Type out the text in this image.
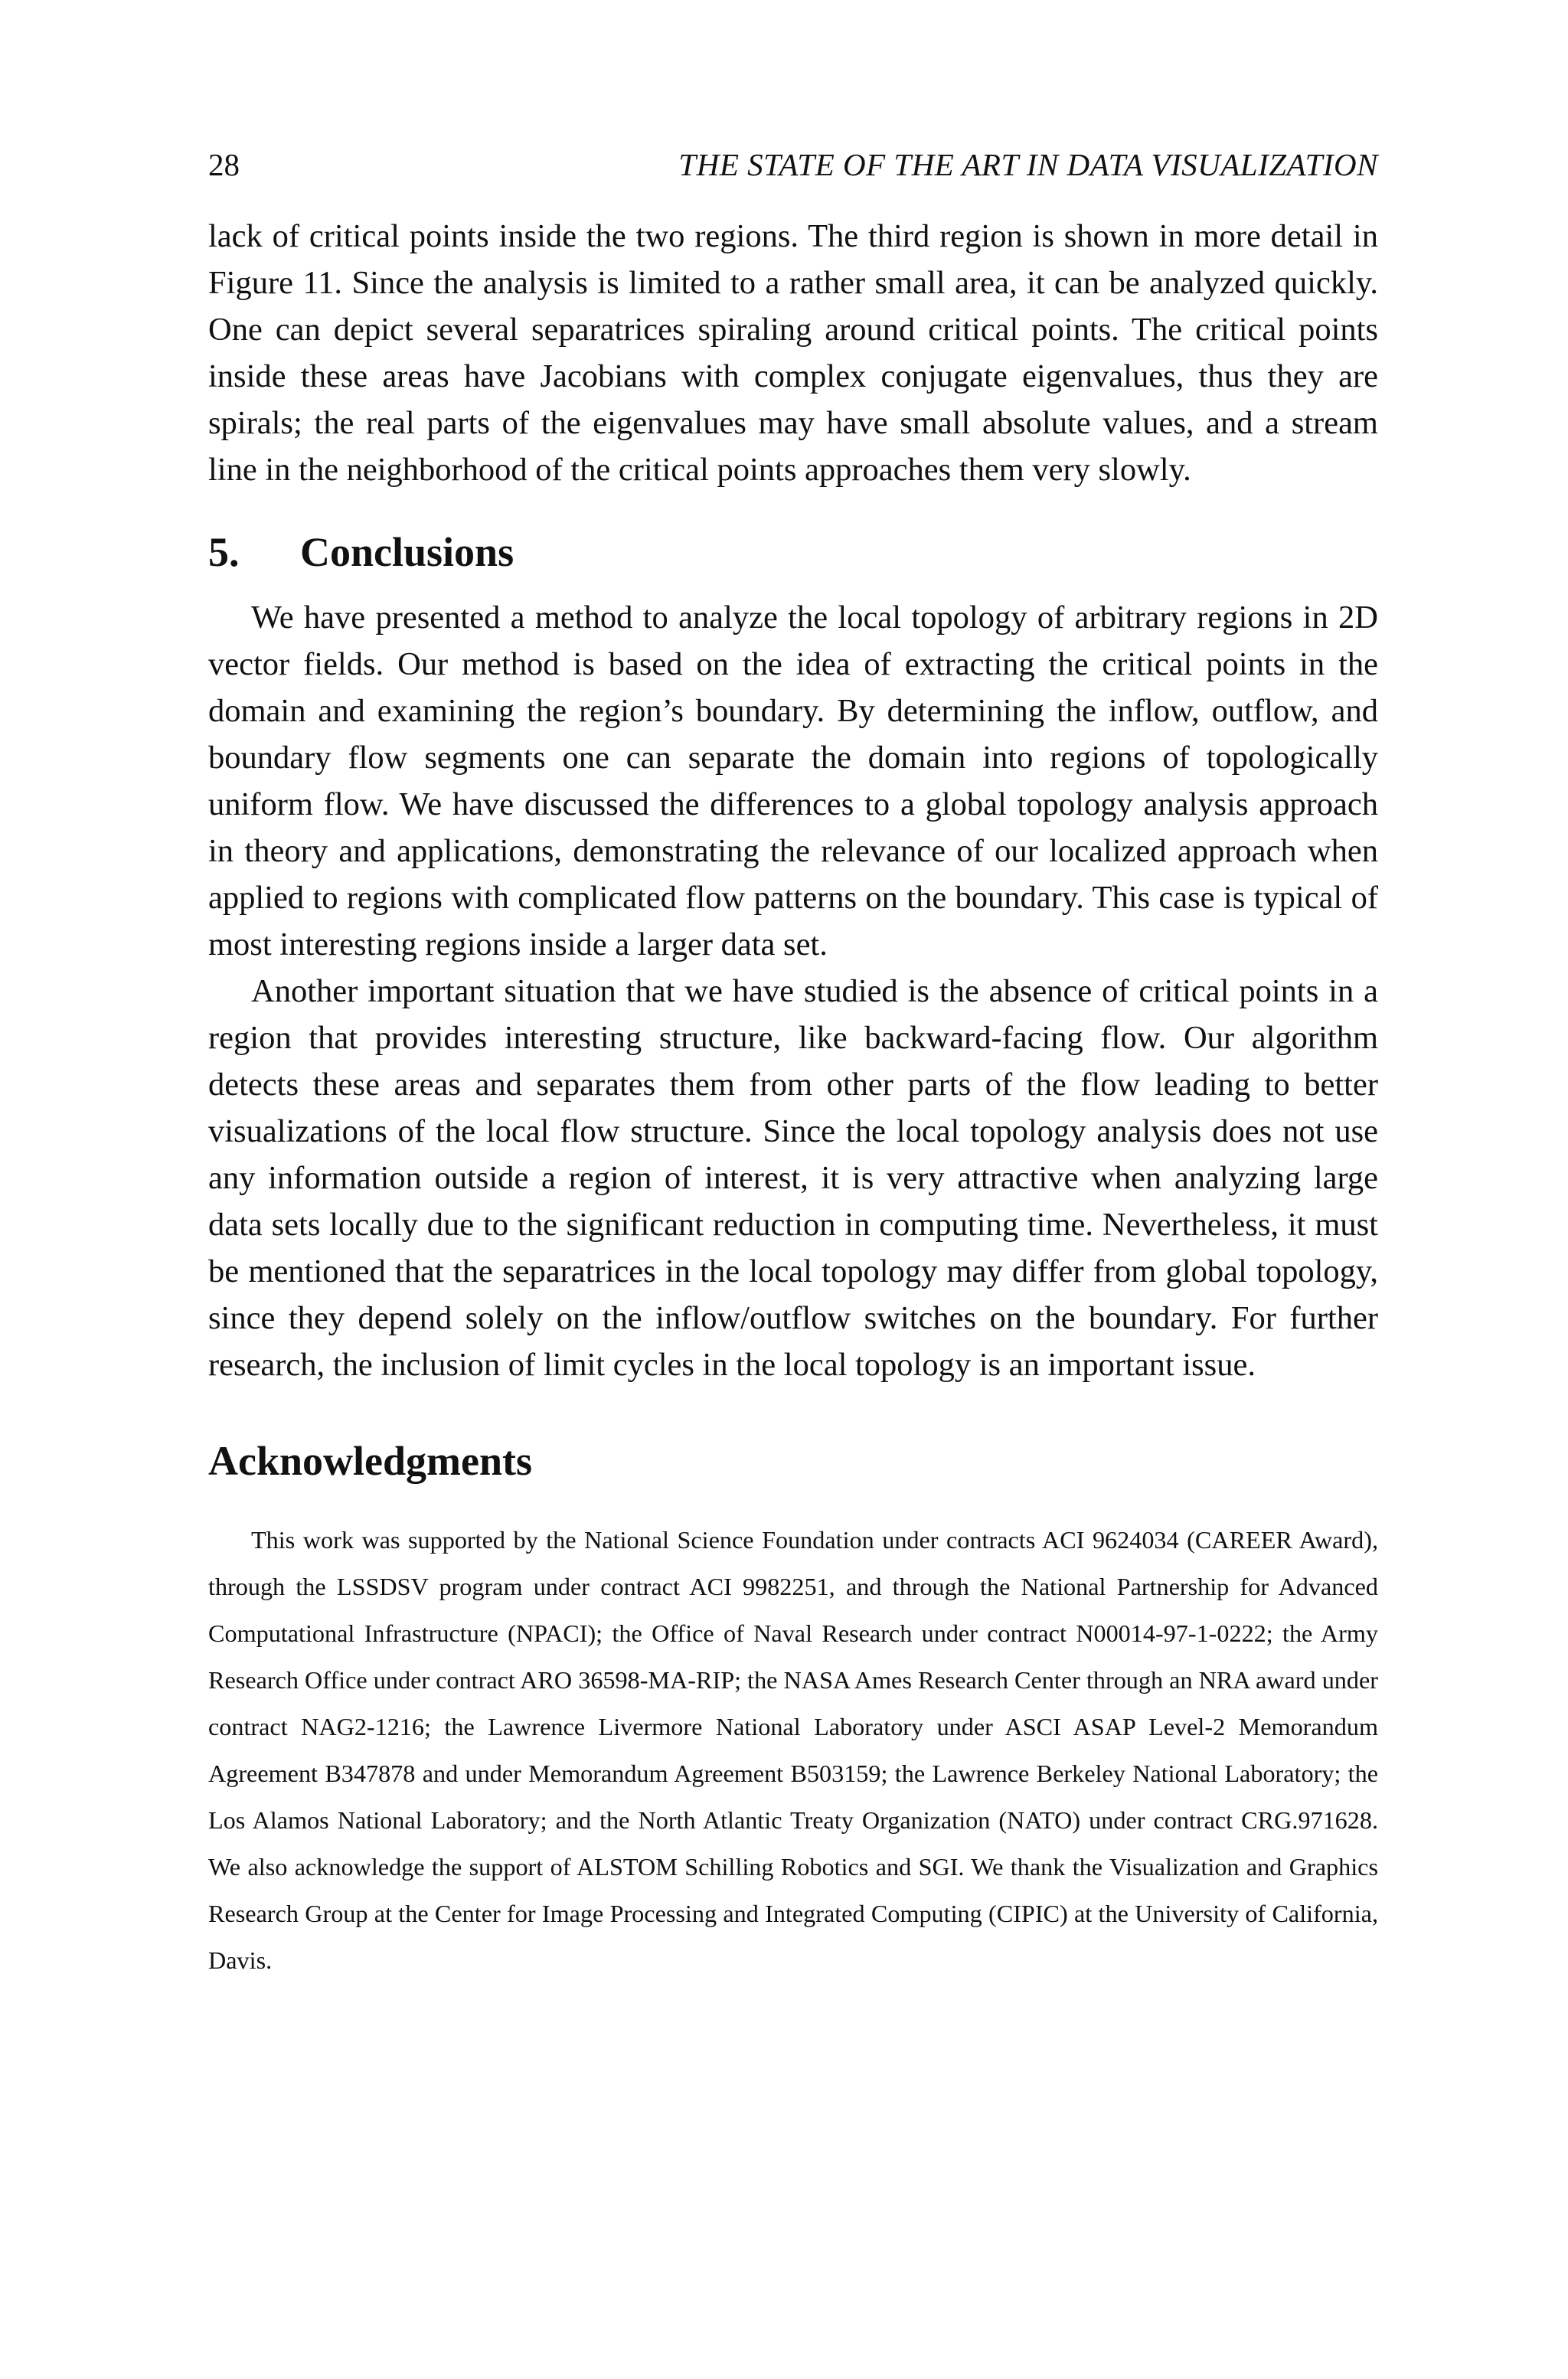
28	THE STATE OF THE ART IN DATA VISUALIZATION

lack of critical points inside the two regions. The third region is shown in more detail in Figure 11. Since the analysis is limited to a rather small area, it can be analyzed quickly. One can depict several separatrices spiraling around critical points. The critical points inside these areas have Jacobians with complex conjugate eigenvalues, thus they are spirals; the real parts of the eigenvalues may have small absolute values, and a stream line in the neighborhood of the critical points approaches them very slowly.

5.	Conclusions

We have presented a method to analyze the local topology of arbitrary regions in 2D vector fields. Our method is based on the idea of extracting the critical points in the domain and examining the region’s boundary. By determining the inflow, outflow, and boundary flow segments one can separate the domain into regions of topologically uniform flow. We have discussed the differences to a global topology analysis approach in theory and applications, demonstrating the relevance of our localized approach when applied to regions with complicated flow patterns on the boundary. This case is typical of most interesting regions inside a larger data set.

Another important situation that we have studied is the absence of critical points in a region that provides interesting structure, like backward-facing flow. Our algorithm detects these areas and separates them from other parts of the flow leading to better visualizations of the local flow structure. Since the local topology analysis does not use any information outside a region of interest, it is very attractive when analyzing large data sets locally due to the significant reduction in computing time. Nevertheless, it must be mentioned that the separatrices in the local topology may differ from global topology, since they depend solely on the inflow/outflow switches on the boundary. For further research, the inclusion of limit cycles in the local topology is an important issue.

Acknowledgments

This work was supported by the National Science Foundation under contracts ACI 9624034 (CAREER Award), through the LSSDSV program under contract ACI 9982251, and through the National Partnership for Advanced Computational Infrastructure (NPACI); the Office of Naval Research under contract N00014-97-1-0222; the Army Research Office under contract ARO 36598-MA-RIP; the NASA Ames Research Center through an NRA award under contract NAG2-1216; the Lawrence Livermore National Laboratory under ASCI ASAP Level-2 Memorandum Agreement B347878 and under Memorandum Agreement B503159; the Lawrence Berkeley National Laboratory; the Los Alamos National Laboratory; and the North Atlantic Treaty Organization (NATO) under contract CRG.971628. We also acknowledge the support of ALSTOM Schilling Robotics and SGI. We thank the Visualization and Graphics Research Group at the Center for Image Processing and Integrated Computing (CIPIC) at the University of California, Davis.
